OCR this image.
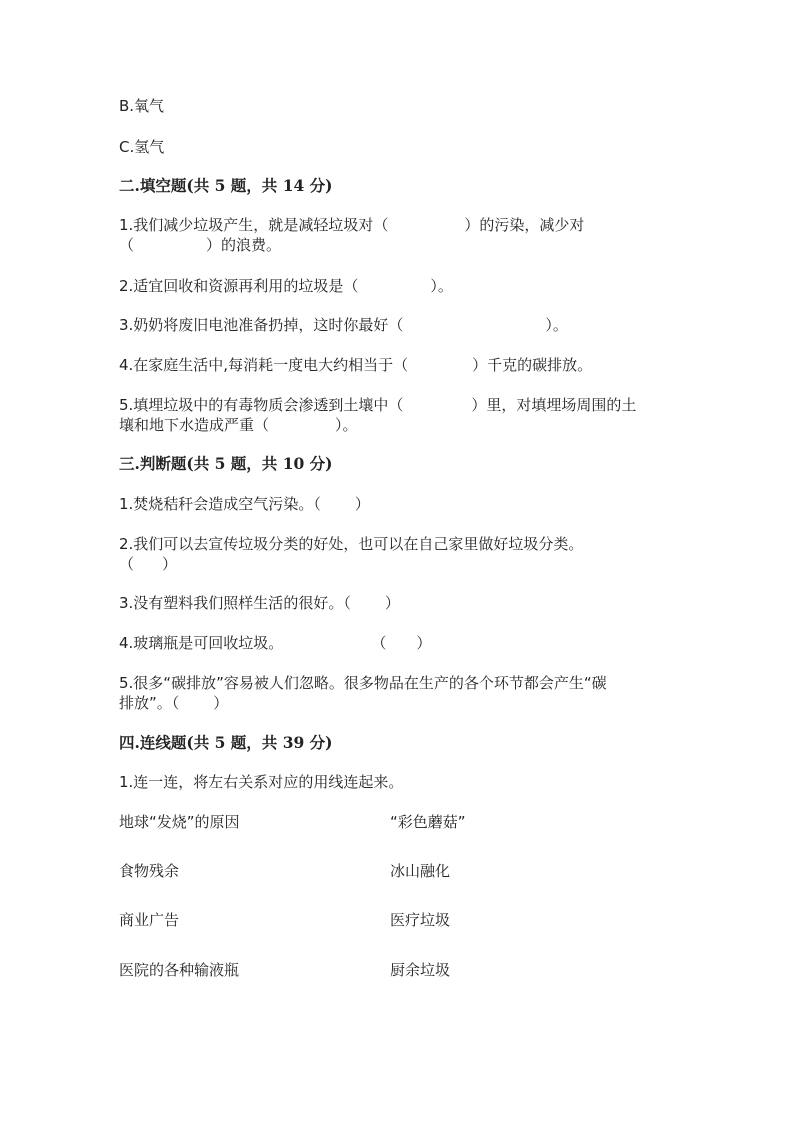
B.氧气
C.氢气
二.填空题(共 5 题，共 14 分)
1.我们减少垃圾产生，就是减轻垃圾对（	）的污染，减少对
（	）的浪费。
2.适宜回收和资源再利用的垃圾是（	）。
3.奶奶将废旧电池准备扔掉，这时你最好（	）。
4.在家庭生活中,每消耗一度电大约相当于（	）千克的碳排放。
5.填埋垃圾中的有毒物质会渗透到土壤中（	）里，对填埋场周围的土
壤和地下水造成严重（	）。
三.判断题(共 5 题，共 10 分)
1.焚烧秸秆会造成空气污染。（ ）
2.我们可以去宣传垃圾分类的好处，也可以在自己家里做好垃圾分类。
（ ）
3.没有塑料我们照样生活的很好。（ ）
4.玻璃瓶是可回收垃圾。	（ ）
5.很多“碳排放”容易被人们忽略。很多物品在生产的各个环节都会产生“碳
排放”。（ ）
四.连线题(共 5 题，共 39 分)
1.连一连，将左右关系对应的用线连起来。
地球“发烧”的原因	“彩色蘑菇”
食物残余	冰山融化
商业广告	医疗垃圾
医院的各种输液瓶	厨余垃圾
